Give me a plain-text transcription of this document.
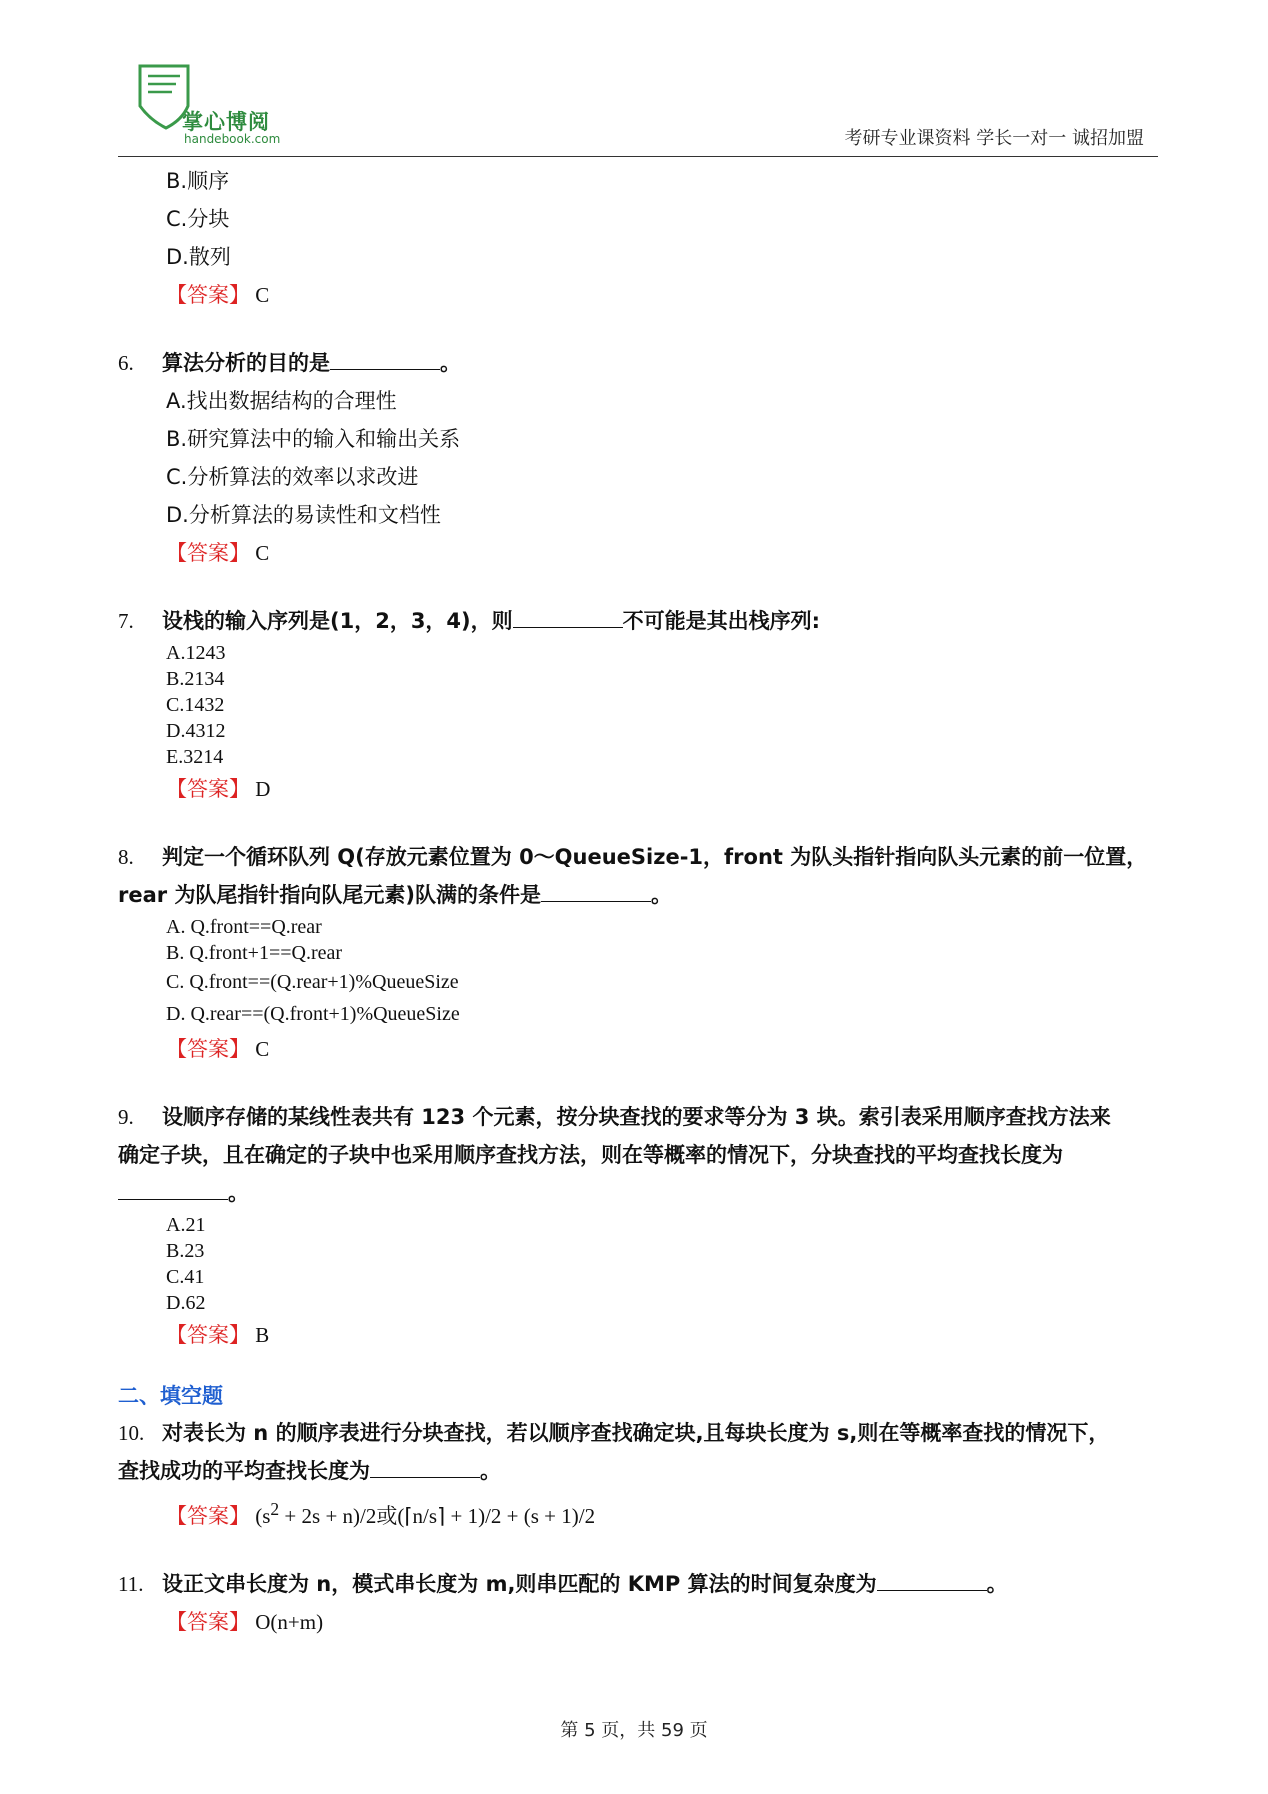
掌心博阅
handebook.com	考研专业课资料 学长一对一 诚招加盟
B.顺序
C.分块
D.散列
【答案】 C
6. 算法分析的目的是	。
A.找出数据结构的合理性
B.研究算法中的输入和输出关系
C.分析算法的效率以求改进
D.分析算法的易读性和文档性
【答案】 C
7. 设栈的输入序列是(1，2，3，4)，则	不可能是其出栈序列:
A.1243
B.2134
C.1432
D.4312
E.3214
【答案】 D
8. 判定一个循环队列 Q(存放元素位置为 0～QueueSize-1，front 为队头指针指向队头元素的前一位置，
rear 为队尾指针指向队尾元素)队满的条件是	。
A. Q.front==Q.rear
B. Q.front+1==Q.rear
C. Q.front==(Q.rear+1)%QueueSize
D. Q.rear==(Q.front+1)%QueueSize
【答案】 C
9. 设顺序存储的某线性表共有 123 个元素，按分块查找的要求等分为 3 块。索引表采用顺序查找方法来
确定子块，且在确定的子块中也采用顺序查找方法，则在等概率的情况下，分块查找的平均查找长度为
。
A.21
B.23
C.41
D.62
【答案】 B
二、填空题
10. 对表长为 n 的顺序表进行分块查找，若以顺序查找确定块,且每块长度为 s,则在等概率查找的情况下，
查找成功的平均查找长度为	。
【答案】 $(s^2 + 2s + n)/2$或(⌈n/s⌉ + 1)/2 + (s + 1)/2
11. 设正文串长度为 n，模式串长度为 m,则串匹配的 KMP 算法的时间复杂度为	。
【答案】 O(n+m)
第 5 页，共 59 页
